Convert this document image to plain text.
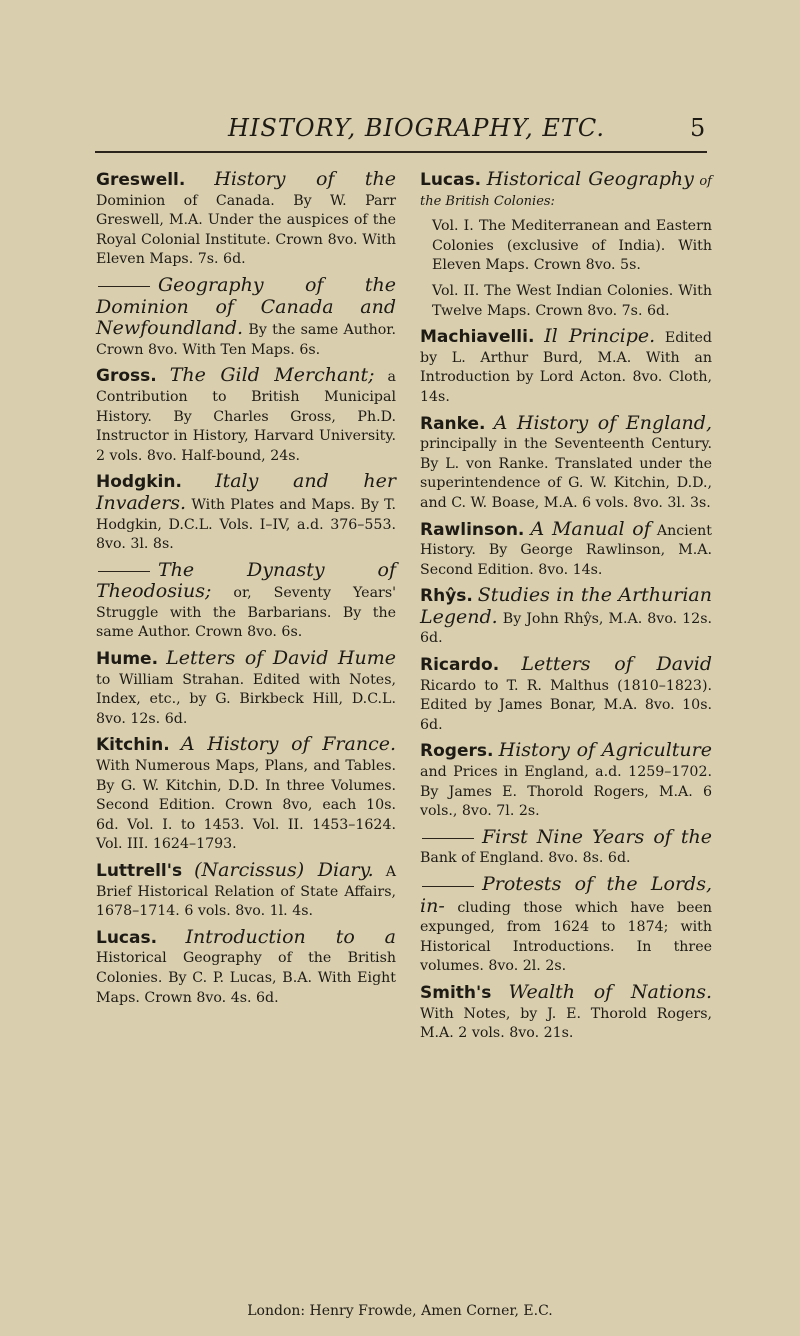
HISTORY, BIOGRAPHY, ETC.	5
Greswell. History of the Dominion of Canada. By W. Parr Greswell, M.A. Under the auspices of the Royal Colonial Institute. Crown 8vo. With Eleven Maps. 7s. 6d.
Geography of the Dominion of Canada and Newfoundland. By the same Author. Crown 8vo. With Ten Maps. 6s.
Gross. The Gild Merchant; a Contribution to British Municipal History. By Charles Gross, Ph.D. Instructor in History, Harvard University. 2 vols. 8vo. Half-bound, 24s.
Hodgkin. Italy and her Invaders. With Plates and Maps. By T. Hodgkin, D.C.L. Vols. I–IV, a.d. 376–553. 8vo. 3l. 8s.
The Dynasty of Theodosius; or, Seventy Years' Struggle with the Barbarians. By the same Author. Crown 8vo. 6s.
Hume. Letters of David Hume to William Strahan. Edited with Notes, Index, etc., by G. Birkbeck Hill, D.C.L. 8vo. 12s. 6d.
Kitchin. A History of France. With Numerous Maps, Plans, and Tables. By G. W. Kitchin, D.D. In three Volumes. Second Edition. Crown 8vo, each 10s. 6d. Vol. I. to 1453. Vol. II. 1453–1624. Vol. III. 1624–1793.
Luttrell's (Narcissus) Diary. A Brief Historical Relation of State Affairs, 1678–1714. 6 vols. 8vo. 1l. 4s.
Lucas. Introduction to a Historical Geography of the British Colonies. By C. P. Lucas, B.A. With Eight Maps. Crown 8vo. 4s. 6d.
Lucas. Historical Geography of the British Colonies:
Vol. I. The Mediterranean and Eastern Colonies (exclusive of India). With Eleven Maps. Crown 8vo. 5s.
Vol. II. The West Indian Colonies. With Twelve Maps. Crown 8vo. 7s. 6d.
Machiavelli. Il Principe. Edited by L. Arthur Burd, M.A. With an Introduction by Lord Acton. 8vo. Cloth, 14s.
Ranke. A History of England, principally in the Seventeenth Century. By L. von Ranke. Translated under the superintendence of G. W. Kitchin, D.D., and C. W. Boase, M.A. 6 vols. 8vo. 3l. 3s.
Rawlinson. A Manual of Ancient History. By George Rawlinson, M.A. Second Edition. 8vo. 14s.
Rhŷs. Studies in the Arthurian Legend. By John Rhŷs, M.A. 8vo. 12s. 6d.
Ricardo. Letters of David Ricardo to T. R. Malthus (1810–1823). Edited by James Bonar, M.A. 8vo. 10s. 6d.
Rogers. History of Agriculture and Prices in England, a.d. 1259–1702. By James E. Thorold Rogers, M.A. 6 vols., 8vo. 7l. 2s.
First Nine Years of the Bank of England. 8vo. 8s. 6d.
Protests of the Lords, in- cluding those which have been expunged, from 1624 to 1874; with Historical Introductions. In three volumes. 8vo. 2l. 2s.
Smith's Wealth of Nations. With Notes, by J. E. Thorold Rogers, M.A. 2 vols. 8vo. 21s.
London: Henry Frowde, Amen Corner, E.C.
